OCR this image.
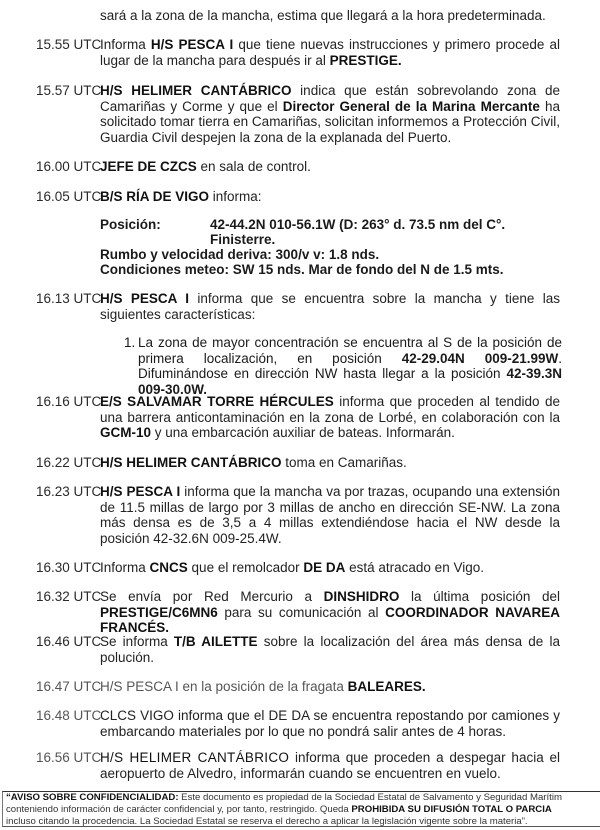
sará a la zona de la mancha, estima que llegará a la hora predeterminada.
15.55 UTC
Informa H/S PESCA I que tiene nuevas instrucciones y primero procede al lugar de la mancha para después ir al PRESTIGE.
15.57 UTC
H/S HELIMER CANTÁBRICO indica que están sobrevolando zona de Camariñas y Corme y que el Director General de la Marina Mercante ha solicitado tomar tierra en Camariñas, solicitan informemos a Protección Civil, Guardia Civil despejen la zona de la explanada del Puerto.
16.00 UTC
JEFE DE CZCS en sala de control.
16.05 UTC
B/S RÍA DE VIGO informa:
Posición:	42-44.2N 010-56.1W (D: 263° d. 73.5 nm del C°. Finisterre.
Rumbo y velocidad deriva: 300/v v: 1.8 nds.
Condiciones meteo: SW 15 nds. Mar de fondo del N de 1.5 mts.
16.13 UTC
H/S PESCA I informa que se encuentra sobre la mancha y tiene las siguientes características:
1. La zona de mayor concentración se encuentra al S de la posición de primera localización, en posición 42-29.04N 009-21.99W. Difuminándose en dirección NW hasta llegar a la posición 42-39.3N 009-30.0W.
16.16 UTC
E/S SALVAMAR TORRE HÉRCULES informa que proceden al tendido de una barrera anticontaminación en la zona de Lorbé, en colaboración con la GCM-10 y una embarcación auxiliar de bateas. Informarán.
16.22 UTC
H/S HELIMER CANTÁBRICO toma en Camariñas.
16.23 UTC
H/S PESCA I informa que la mancha va por trazas, ocupando una extensión de 11.5 millas de largo por 3 millas de ancho en dirección SE-NW. La zona más densa es de 3,5 a 4 millas extendiéndose hacia el NW desde la posición 42-32.6N 009-25.4W.
16.30 UTC
Informa CNCS que el remolcador DE DA está atracado en Vigo.
16.32 UTC
Se envía por Red Mercurio a DINSHIDRO la última posición del PRESTIGE/C6MN6 para su comunicación al COORDINADOR NAVAREA FRANCÉS.
16.46 UTC
Se informa T/B AILETTE sobre la localización del área más densa de la polución.
16.47 UTC
H/S PESCA I en la posición de la fragata BALEARES.
16.48 UTC
CLCS VIGO informa que el DE DA se encuentra repostando por camiones y embarcando materiales por lo que no pondrá salir antes de 4 horas.
16.56 UTC
H/S HELIMER CANTÁBRICO informa que proceden a despegar hacia el aeropuerto de Alvedro, informarán cuando se encuentren en vuelo.
“AVISO SOBRE CONFIDENCIALIDAD: Este documento es propiedad de la Sociedad Estatal de Salvamento y Seguridad Marítim
conteniendo información de carácter confidencial y, por tanto, restringido. Queda PROHIBIDA SU DIFUSIÓN TOTAL O PARCIA
incluso citando la procedencia. La Sociedad Estatal se reserva el derecho a aplicar la legislación vigente sobre la materia”.
